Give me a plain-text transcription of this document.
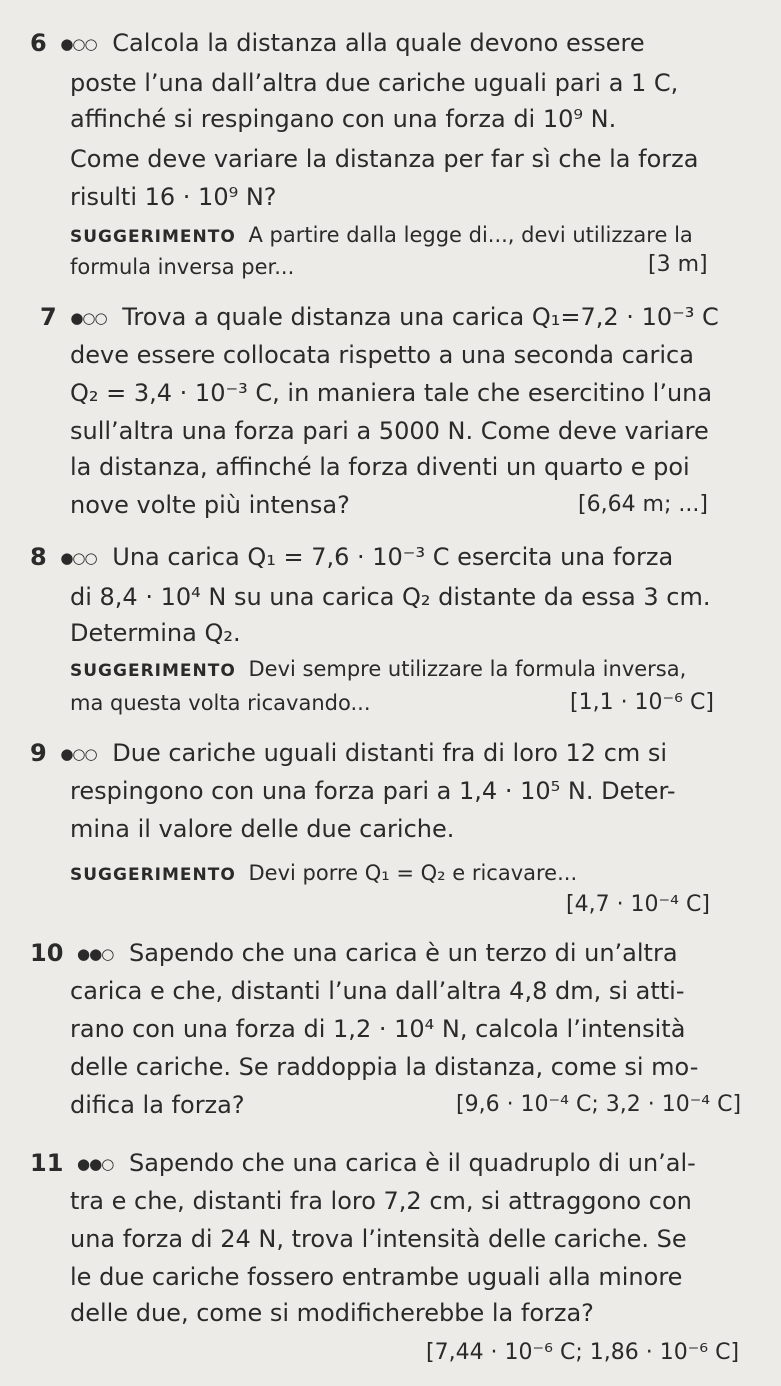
6 ●○○ Calcola la distanza alla quale devono essere
poste l’una dall’altra due cariche uguali pari a 1 C,
affinché si respingano con una forza di 10⁹ N.
Come deve variare la distanza per far sì che la forza
risulti 16 · 10⁹ N?
SUGGERIMENTO A partire dalla legge di..., devi utilizzare la
formula inversa per...	[3 m]
7 ●○○ Trova a quale distanza una carica Q₁=7,2 · 10⁻³ C
deve essere collocata rispetto a una seconda carica
Q₂ = 3,4 · 10⁻³ C, in maniera tale che esercitino l’una
sull’altra una forza pari a 5000 N. Come deve variare
la distanza, affinché la forza diventi un quarto e poi
nove volte più intensa?	[6,64 m; ...]
8 ●○○ Una carica Q₁ = 7,6 · 10⁻³ C esercita una forza
di 8,4 · 10⁴ N su una carica Q₂ distante da essa 3 cm.
Determina Q₂.
SUGGERIMENTO Devi sempre utilizzare la formula inversa,
ma questa volta ricavando...	[1,1 · 10⁻⁶ C]
9 ●○○ Due cariche uguali distanti fra di loro 12 cm si
respingono con una forza pari a 1,4 · 10⁵ N. Deter-
mina il valore delle due cariche.
SUGGERIMENTO Devi porre Q₁ = Q₂ e ricavare...
[4,7 · 10⁻⁴ C]
10 ●●○ Sapendo che una carica è un terzo di un’altra
carica e che, distanti l’una dall’altra 4,8 dm, si atti-
rano con una forza di 1,2 · 10⁴ N, calcola l’intensità
delle cariche. Se raddoppia la distanza, come si mo-
difica la forza?	[9,6 · 10⁻⁴ C; 3,2 · 10⁻⁴ C]
11 ●●○ Sapendo che una carica è il quadruplo di un’al-
tra e che, distanti fra loro 7,2 cm, si attraggono con
una forza di 24 N, trova l’intensità delle cariche. Se
le due cariche fossero entrambe uguali alla minore
delle due, come si modificherebbe la forza?
[7,44 · 10⁻⁶ C; 1,86 · 10⁻⁶ C]
